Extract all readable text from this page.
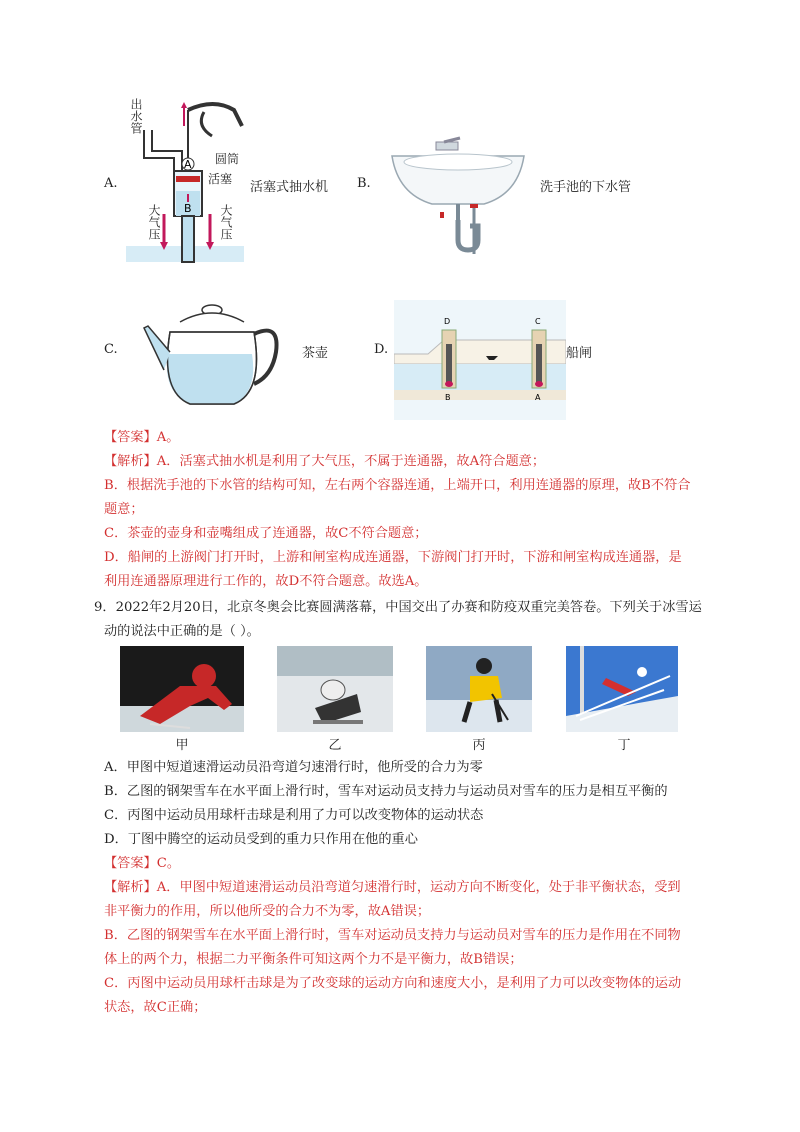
A.
A
B
出水管
圆筒
活塞
大气压	大气压
活塞式抽水机 B.	洗手池的下水管
C.	茶壶	D.
D	C
B	A
船闸
【答案】A。
【解析】A．活塞式抽水机是利用了大气压，不属于连通器，故A符合题意；
B．根据洗手池的下水管的结构可知，左右两个容器连通，上端开口，利用连通器的原理，故B不符合
题意；
C．茶壶的壶身和壶嘴组成了连通器，故C不符合题意；
D．船闸的上游阀门打开时，上游和闸室构成连通器，下游阀门打开时，下游和闸室构成连通器，是
利用连通器原理进行工作的，故D不符合题意。故选A。
9．2022年2月20日，北京冬奥会比赛圆满落幕，中国交出了办赛和防疫双重完美答卷。下列关于冰雪运
动的说法中正确的是（ ）。
甲	乙	丙	丁
A．甲图中短道速滑运动员沿弯道匀速滑行时，他所受的合力为零
B．乙图的钢架雪车在水平面上滑行时，雪车对运动员支持力与运动员对雪车的压力是相互平衡的
C．丙图中运动员用球杆击球是利用了力可以改变物体的运动状态
D．丁图中腾空的运动员受到的重力只作用在他的重心
【答案】C。
【解析】A．甲图中短道速滑运动员沿弯道匀速滑行时，运动方向不断变化，处于非平衡状态，受到
非平衡力的作用，所以他所受的合力不为零，故A错误；
B．乙图的钢架雪车在水平面上滑行时，雪车对运动员支持力与运动员对雪车的压力是作用在不同物
体上的两个力，根据二力平衡条件可知这两个力不是平衡力，故B错误；
C．丙图中运动员用球杆击球是为了改变球的运动方向和速度大小，是利用了力可以改变物体的运动
状态，故C正确；
